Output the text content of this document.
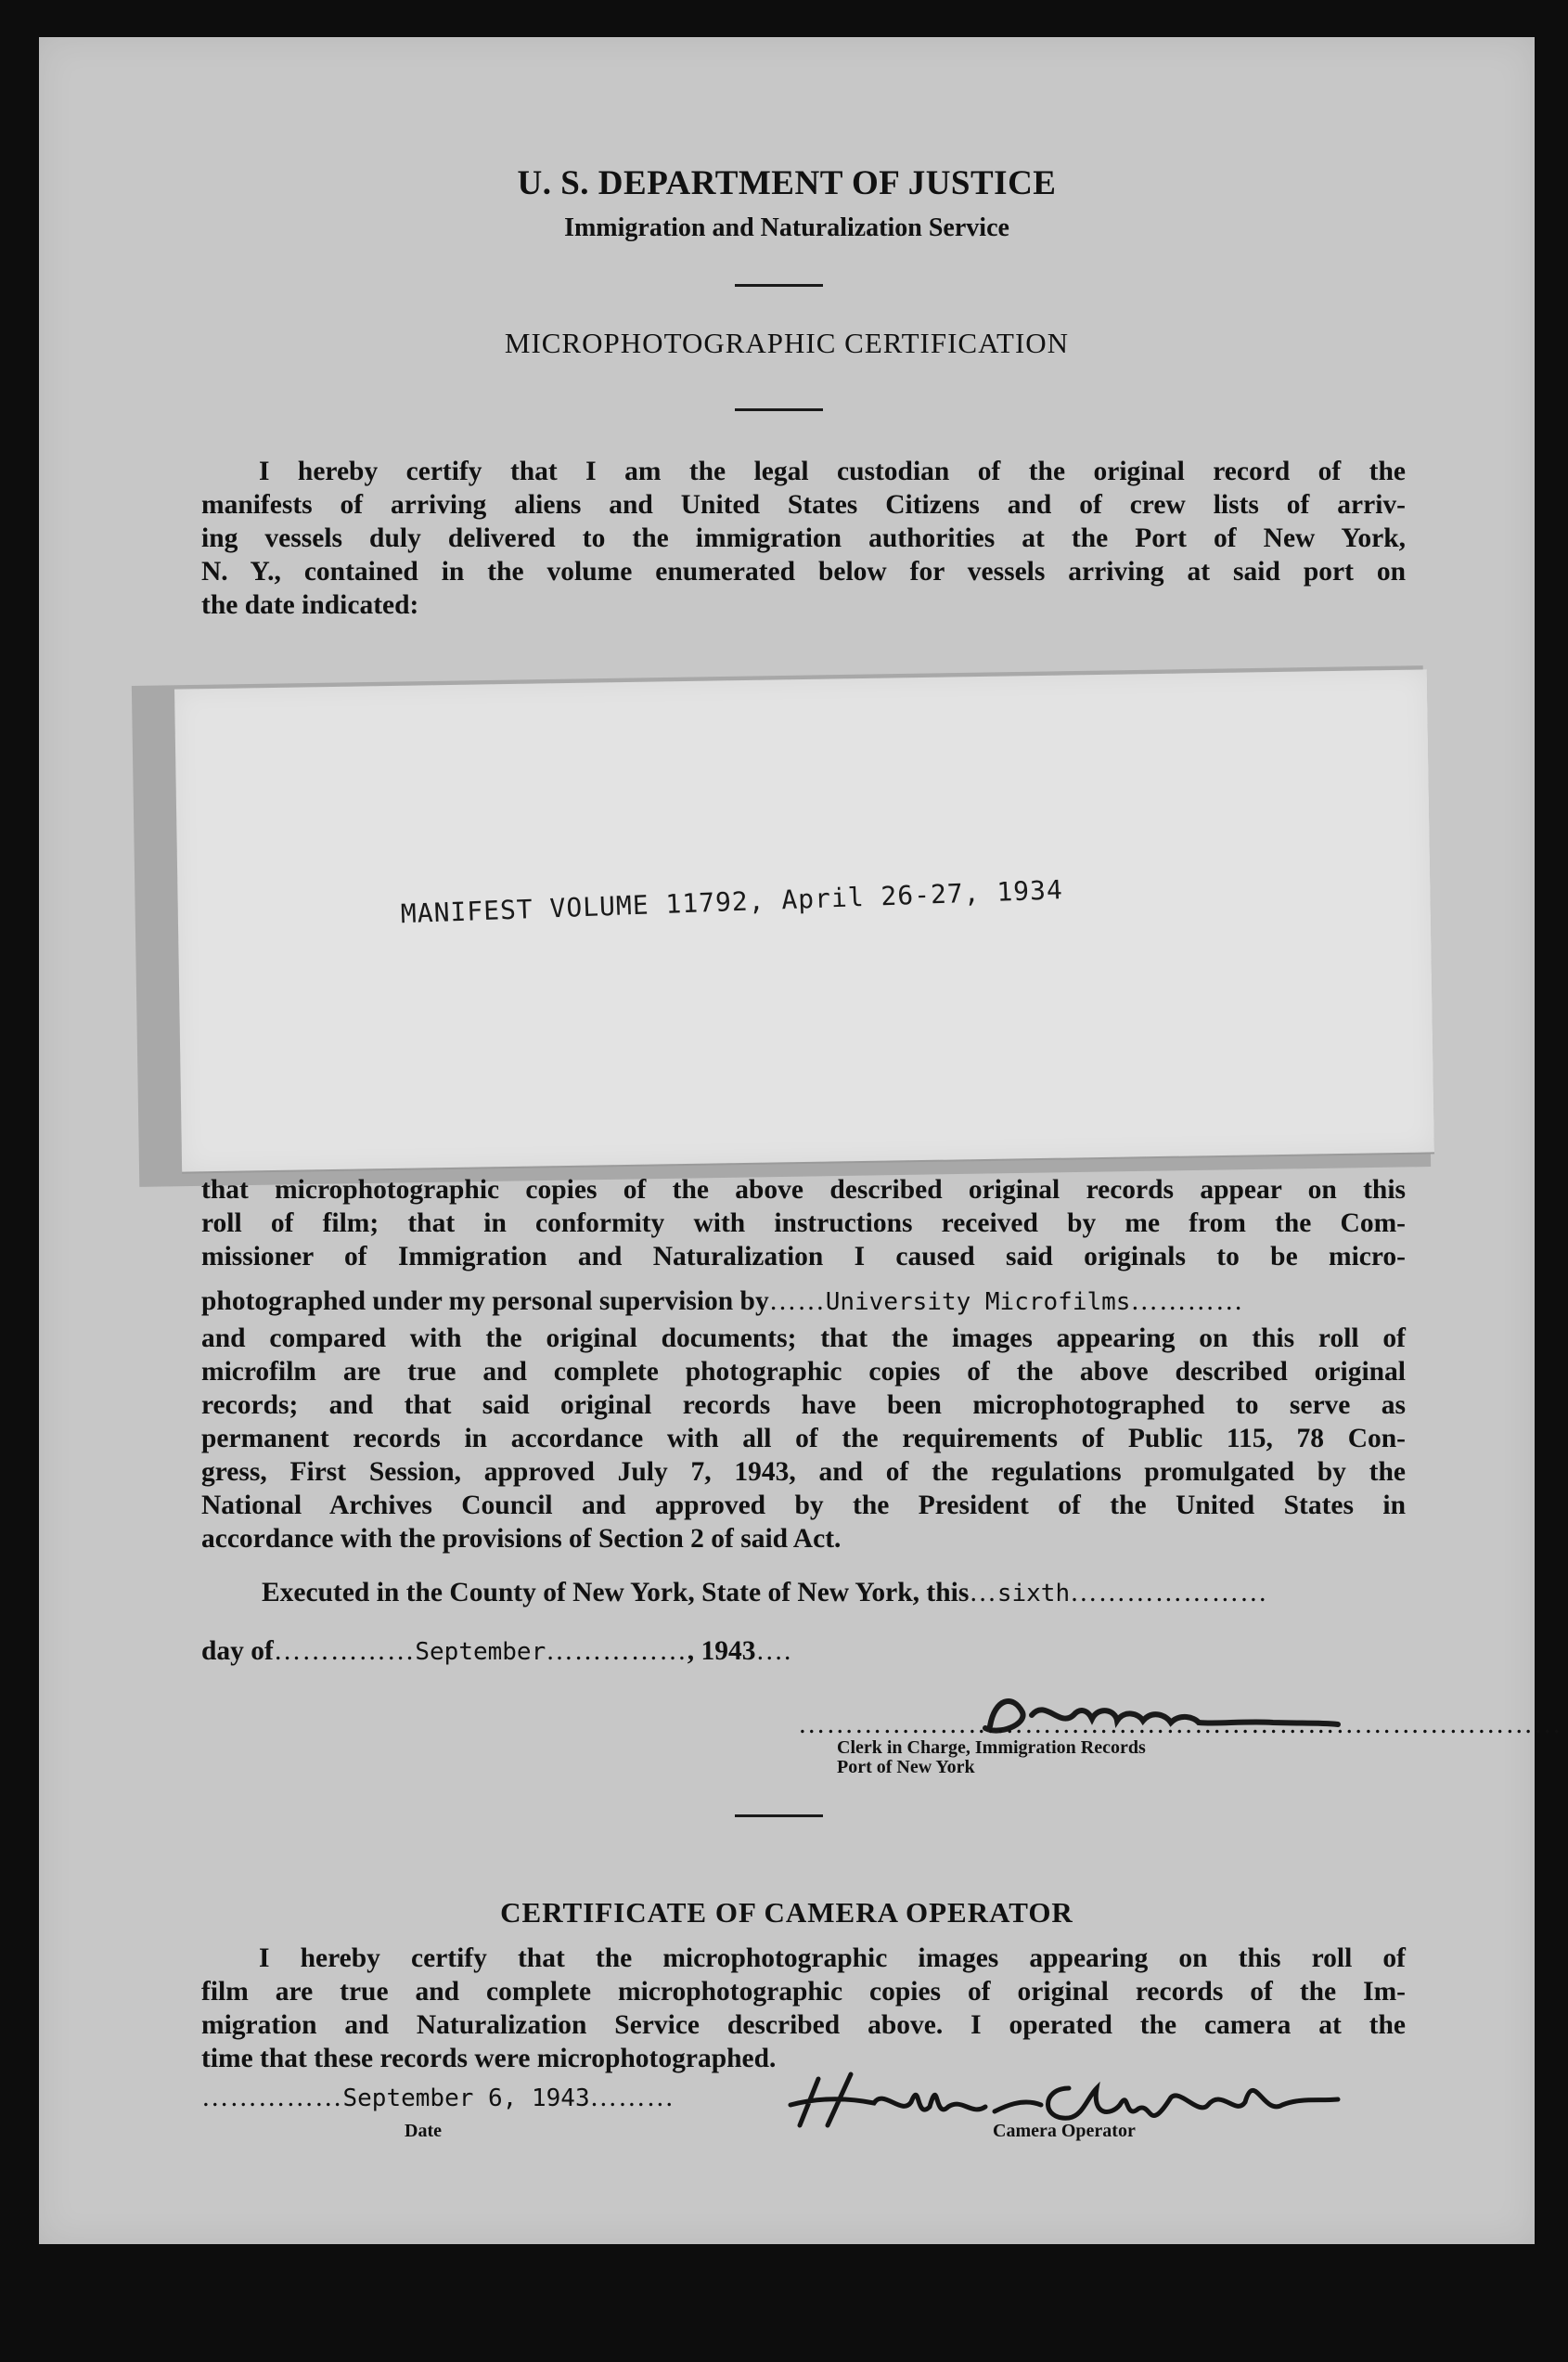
U. S. DEPARTMENT OF JUSTICE
Immigration and Naturalization Service
MICROPHOTOGRAPHIC CERTIFICATION
I hereby certify that I am the legal custodian of the original record of the
manifests of arriving aliens and United States Citizens and of crew lists of arriv-
ing vessels duly delivered to the immigration authorities at the Port of New York,
N. Y., contained in the volume enumerated below for vessels arriving at said port on
the date indicated:
MANIFEST VOLUME 11792, April 26-27, 1934
that microphotographic copies of the above described original records appear on this
roll of film; that in conformity with instructions received by me from the Com-
missioner of Immigration and Naturalization I caused said originals to be micro-
photographed under my personal supervision by……University Microfilms…………
and compared with the original documents; that the images appearing on this roll of
microfilm are true and complete photographic copies of the above described original
records; and that said original records have been microphotographed to serve as
permanent records in accordance with all of the requirements of Public 115, 78 Con-
gress, First Session, approved July 7, 1943, and of the regulations promulgated by the
National Archives Council and approved by the President of the United States in
accordance with the provisions of Section 2 of said Act.
Executed in the County of New York, State of New York, this…sixth…………………
day of……………September……………, 1943….
………………………………………………………………………
Clerk in Charge, Immigration Records
Port of New York
CERTIFICATE OF CAMERA OPERATOR
I hereby certify that the microphotographic images appearing on this roll of
film are true and complete microphotographic copies of original records of the Im-
migration and Naturalization Service described above. I operated the camera at the
time that these records were microphotographed.
……………September 6, 1943………
Date	Camera Operator
